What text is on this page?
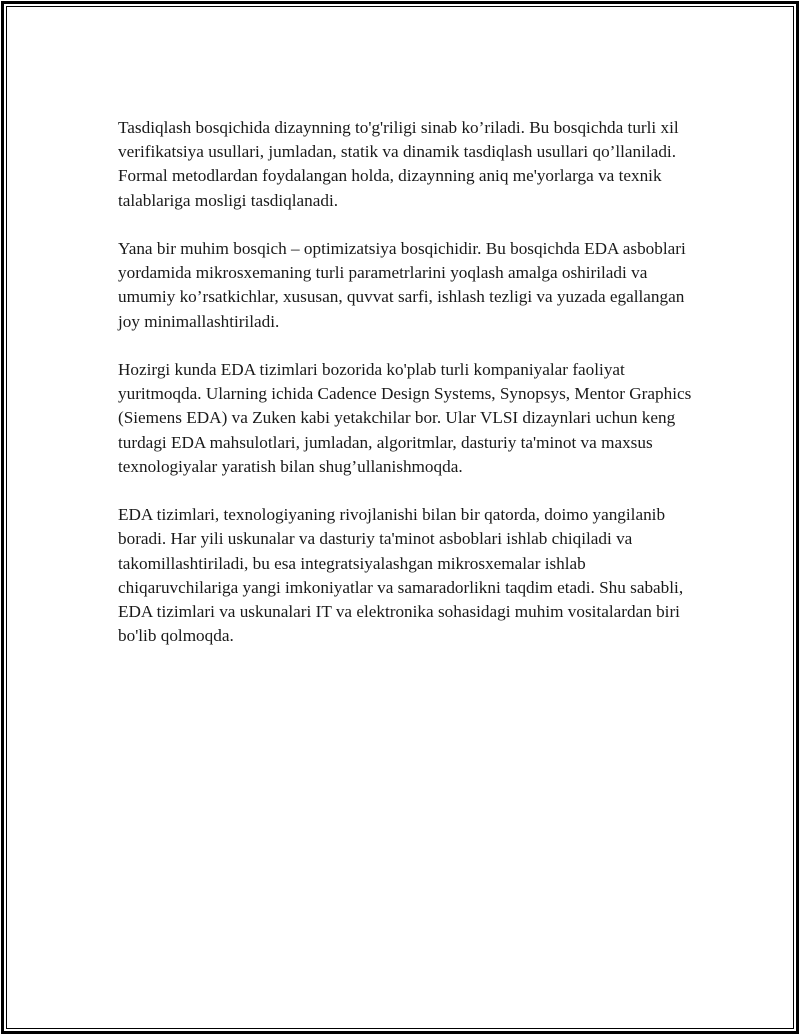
Tasdiqlash bosqichida dizaynning to'g'riligi sinab ko’riladi. Bu bosqichda turli xil verifikatsiya usullari, jumladan, statik va dinamik tasdiqlash usullari qo’llaniladi. Formal metodlardan foydalangan holda, dizaynning aniq me'yorlarga va texnik talablariga mosligi tasdiqlanadi.

Yana bir muhim bosqich – optimizatsiya bosqichidir. Bu bosqichda EDA asboblari yordamida mikrosxemaning turli parametrlarini yoqlash amalga oshiriladi va umumiy ko’rsatkichlar, xususan, quvvat sarfi, ishlash tezligi va yuzada egallangan joy minimallashtiriladi.

Hozirgi kunda EDA tizimlari bozorida ko'plab turli kompaniyalar faoliyat yuritmoqda. Ularning ichida Cadence Design Systems, Synopsys, Mentor Graphics (Siemens EDA) va Zuken kabi yetakchilar bor. Ular VLSI dizaynlari uchun keng turdagi EDA mahsulotlari, jumladan, algoritmlar, dasturiy ta'minot va maxsus texnologiyalar yaratish bilan shug’ullanishmoqda.

EDA tizimlari, texnologiyaning rivojlanishi bilan bir qatorda, doimo yangilanib boradi. Har yili uskunalar va dasturiy ta'minot asboblari ishlab chiqiladi va takomillashtiriladi, bu esa integratsiyalashgan mikrosxemalar ishlab chiqaruvchilariga yangi imkoniyatlar va samaradorlikni taqdim etadi. Shu sababli, EDA tizimlari va uskunalari IT va elektronika sohasidagi muhim vositalardan biri bo'lib qolmoqda.
